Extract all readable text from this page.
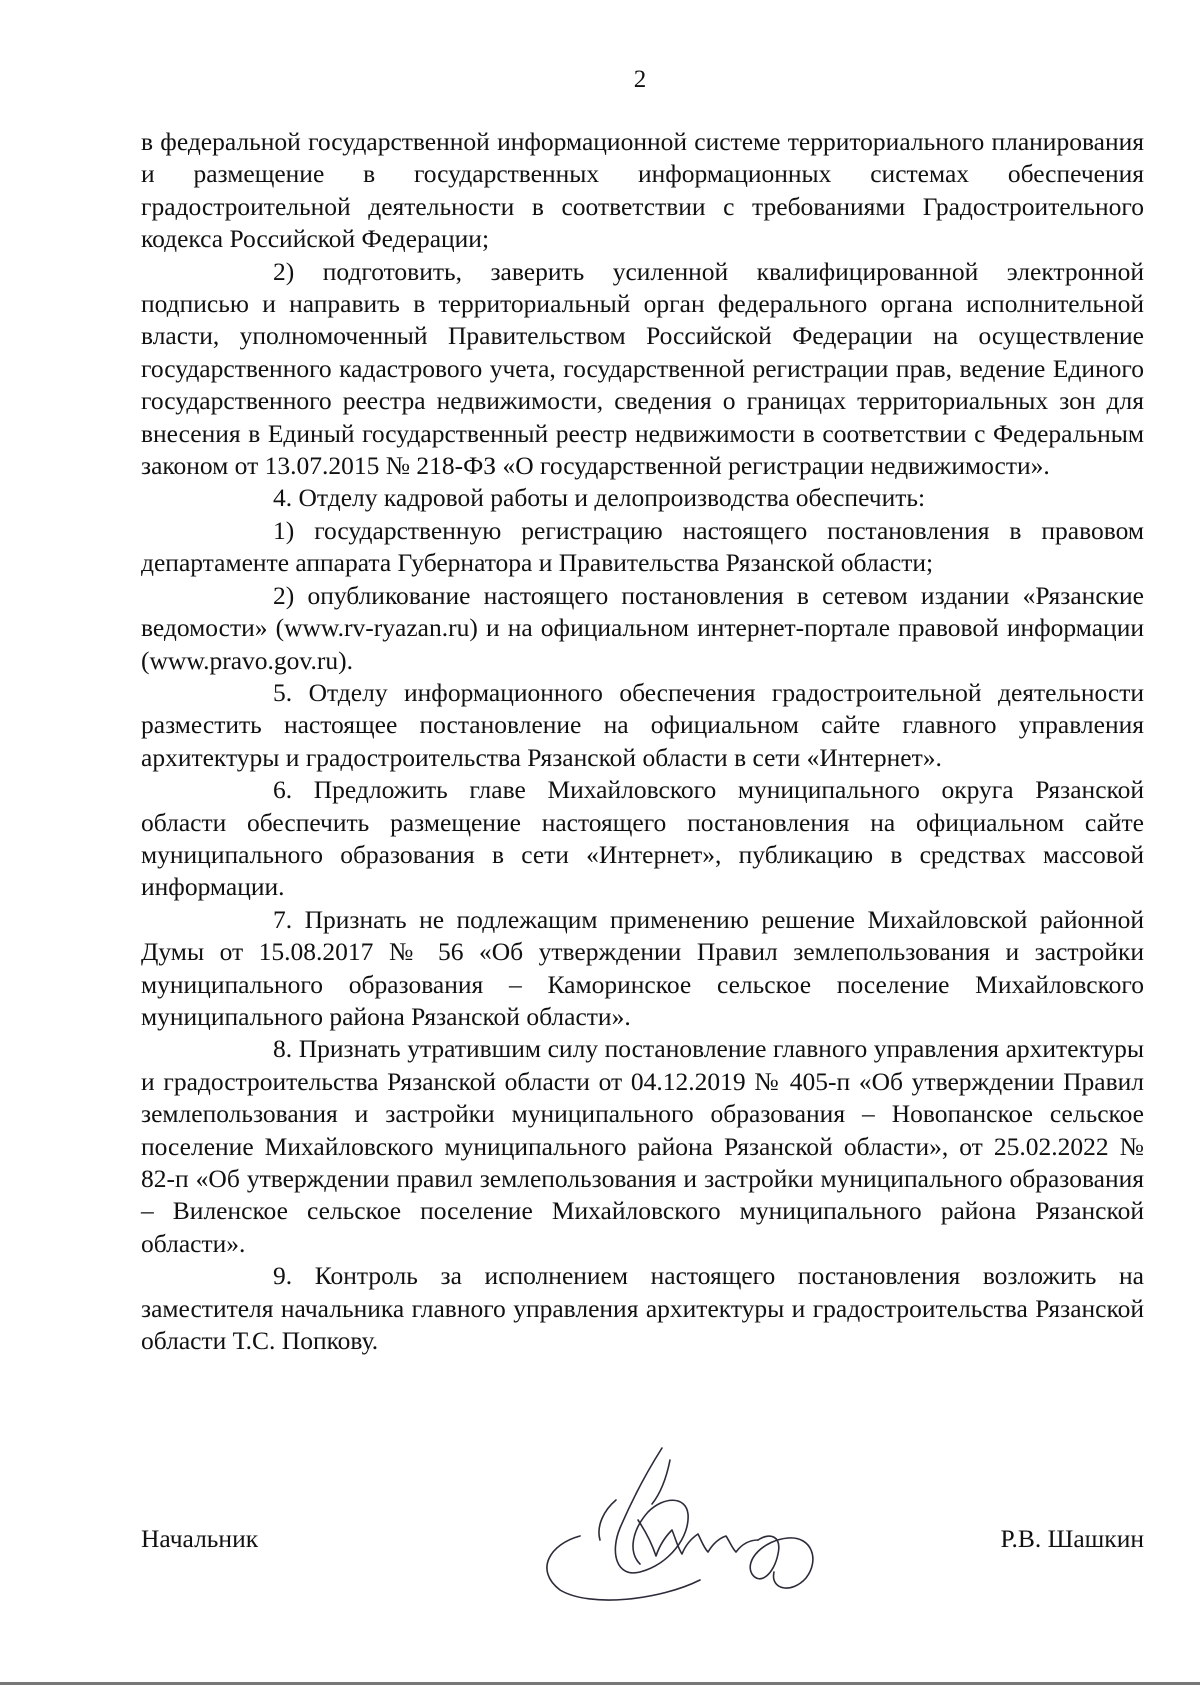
2

в федеральной государственной информационной системе территориального планирования и размещение в государственных информационных системах обеспечения градостроительной деятельности в соответствии с требованиями Градостроительного кодекса Российской Федерации;

2) подготовить, заверить усиленной квалифицированной электронной подписью и направить в территориальный орган федерального органа исполнительной власти, уполномоченный Правительством Российской Федерации на осуществление государственного кадастрового учета, государственной регистрации прав, ведение Единого государственного реестра недвижимости, сведения о границах территориальных зон для внесения в Единый государственный реестр недвижимости в соответствии с Федеральным законом от 13.07.2015 № 218-ФЗ «О государственной регистрации недвижимости».

4. Отделу кадровой работы и делопроизводства обеспечить:

1) государственную регистрацию настоящего постановления в правовом департаменте аппарата Губернатора и Правительства Рязанской области;

2) опубликование настоящего постановления в сетевом издании «Рязанские ведомости» (www.rv-ryazan.ru) и на официальном интернет-портале правовой информации (www.pravo.gov.ru).

5. Отделу информационного обеспечения градостроительной деятельности разместить настоящее постановление на официальном сайте главного управления архитектуры и градостроительства Рязанской области в сети «Интернет».

6. Предложить главе Михайловского муниципального округа Рязанской области обеспечить размещение настоящего постановления на официальном сайте муниципального образования в сети «Интернет», публикацию в средствах массовой информации.

7. Признать не подлежащим применению решение Михайловской районной Думы от 15.08.2017 № 56 «Об утверждении Правил землепользования и застройки муниципального образования – Каморинское сельское поселение Михайловского муниципального района Рязанской области».

8. Признать утратившим силу постановление главного управления архитектуры и градостроительства Рязанской области от 04.12.2019 № 405-п «Об утверждении Правил землепользования и застройки муниципального образования – Новопанское сельское поселение Михайловского муниципального района Рязанской области», от 25.02.2022 № 82-п «Об утверждении правил землепользования и застройки муниципального образования – Виленское сельское поселение Михайловского муниципального района Рязанской области».

9. Контроль за исполнением настоящего постановления возложить на заместителя начальника главного управления архитектуры и градостроительства Рязанской области Т.С. Попкову.

Начальник	Р.В. Шашкин
